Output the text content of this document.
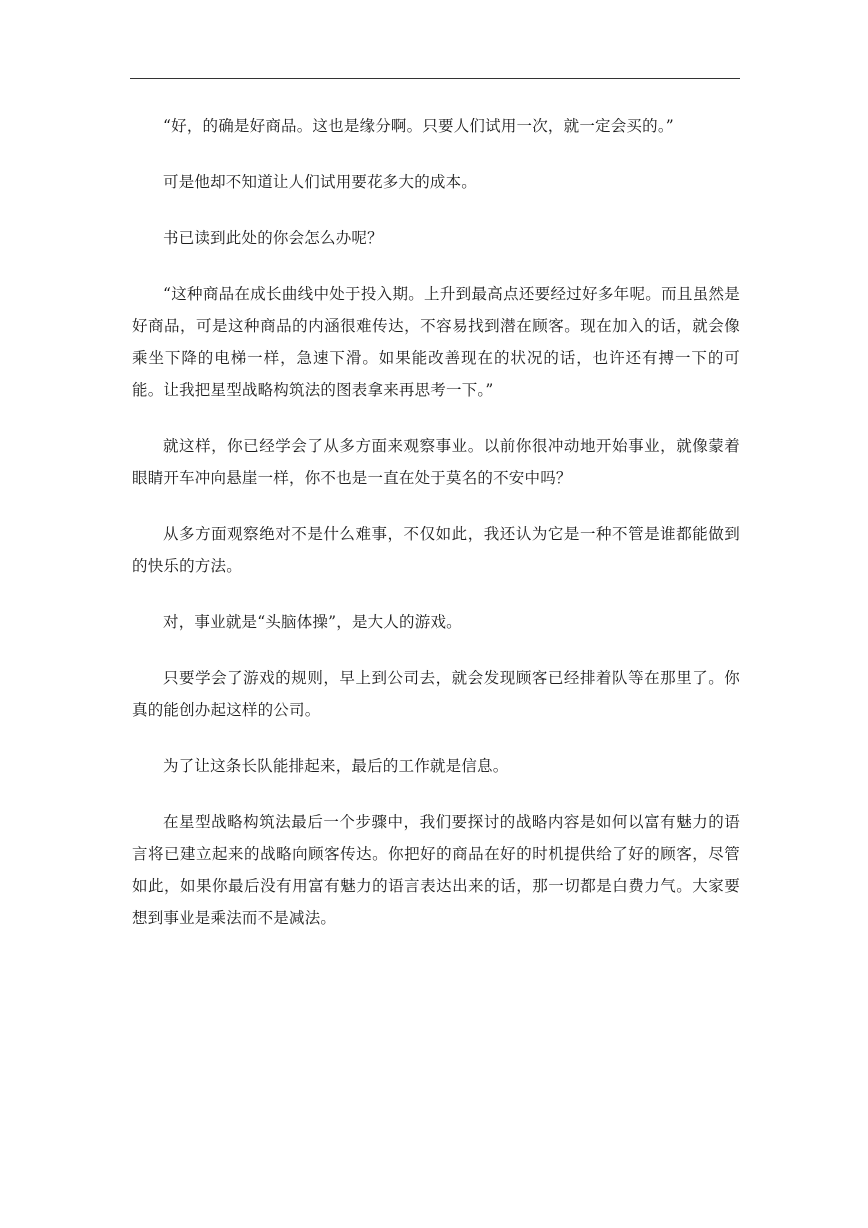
“好，的确是好商品。这也是缘分啊。只要人们试用一次，就一定会买的。”

可是他却不知道让人们试用要花多大的成本。

书已读到此处的你会怎么办呢？

“这种商品在成长曲线中处于投入期。上升到最高点还要经过好多年呢。而且虽然是好商品，可是这种商品的内涵很难传达，不容易找到潜在顾客。现在加入的话，就会像乘坐下降的电梯一样，急速下滑。如果能改善现在的状况的话，也许还有搏一下的可能。让我把星型战略构筑法的图表拿来再思考一下。”

就这样，你已经学会了从多方面来观察事业。以前你很冲动地开始事业，就像蒙着眼睛开车冲向悬崖一样，你不也是一直在处于莫名的不安中吗？

从多方面观察绝对不是什么难事，不仅如此，我还认为它是一种不管是谁都能做到的快乐的方法。

对，事业就是“头脑体操”，是大人的游戏。

只要学会了游戏的规则，早上到公司去，就会发现顾客已经排着队等在那里了。你真的能创办起这样的公司。

为了让这条长队能排起来，最后的工作就是信息。

在星型战略构筑法最后一个步骤中，我们要探讨的战略内容是如何以富有魅力的语言将已建立起来的战略向顾客传达。你把好的商品在好的时机提供给了好的顾客，尽管如此，如果你最后没有用富有魅力的语言表达出来的话，那一切都是白费力气。大家要想到事业是乘法而不是减法。
